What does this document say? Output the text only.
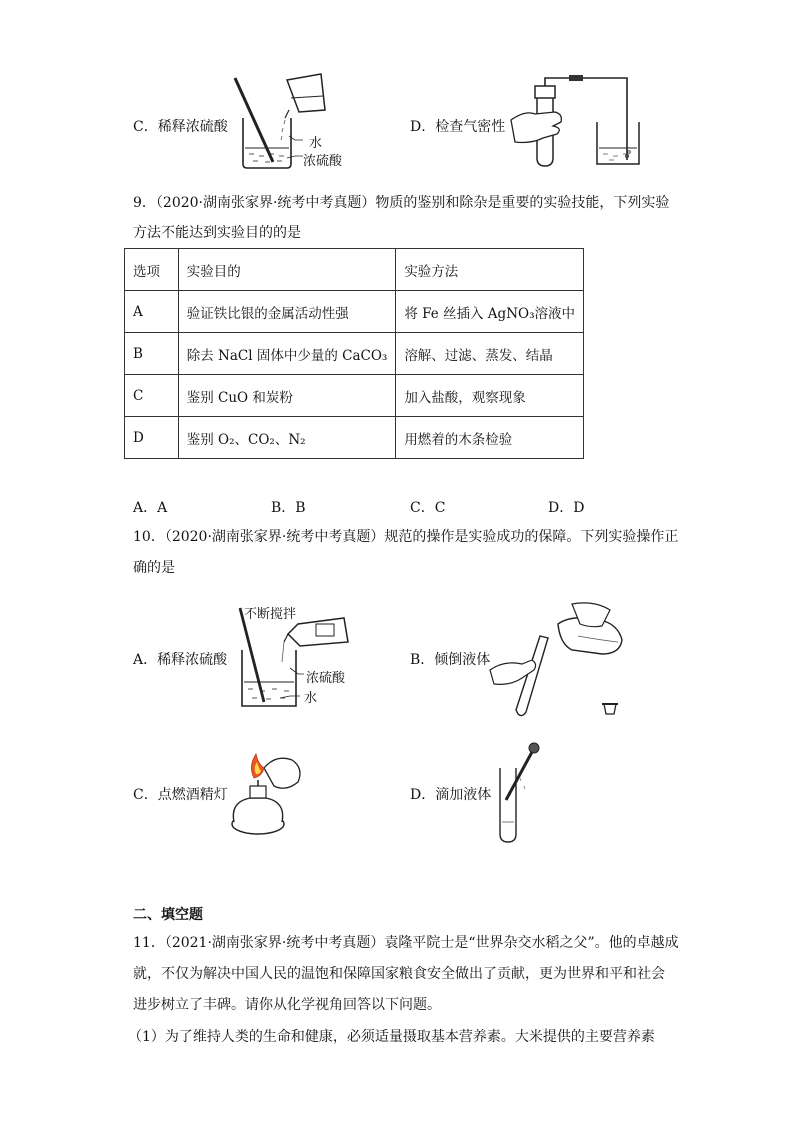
C．稀释浓硫酸
水
浓硫酸
D．检查气密性
9．（2020·湖南张家界·统考中考真题）物质的鉴别和除杂是重要的实验技能，下列实验
方法不能达到实验目的的是
选项	实验目的	实验方法
A	验证铁比银的金属活动性强	将 Fe 丝插入 AgNO₃溶液中
B	除去 NaCl 固体中少量的 CaCO₃	溶解、过滤、蒸发、结晶
C	鉴别 CuO 和炭粉	加入盐酸，观察现象
D	鉴别 O₂、CO₂、N₂	用燃着的木条检验
A．A	B．B	C．C	D．D
10．（2020·湖南张家界·统考中考真题）规范的操作是实验成功的保障。下列实验操作正
确的是
A．稀释浓硫酸
不断搅拌
浓硫酸
水
B．倾倒液体
C．点燃酒精灯	D．滴加液体
二、填空题
11．（2021·湖南张家界·统考中考真题）袁隆平院士是“世界杂交水稻之父”。他的卓越成
就，不仅为解决中国人民的温饱和保障国家粮食安全做出了贡献，更为世界和平和社会
进步树立了丰碑。请你从化学视角回答以下问题。
（1）为了维持人类的生命和健康，必须适量摄取基本营养素。大米提供的主要营养素
